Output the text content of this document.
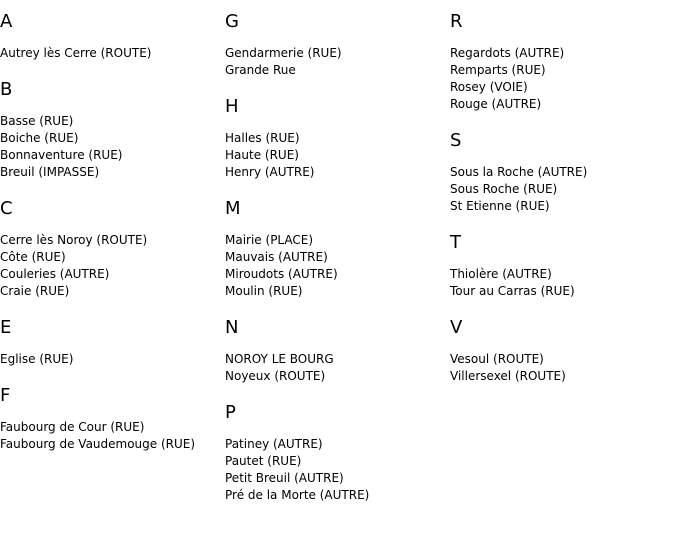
A
Autrey lès Cerre (ROUTE)
B
Basse (RUE)
Boiche (RUE)
Bonnaventure (RUE)
Breuil (IMPASSE)
C
Cerre lès Noroy (ROUTE)
Côte (RUE)
Couleries (AUTRE)
Craie (RUE)
E
Eglise (RUE)
F
Faubourg de Cour (RUE)
Faubourg de Vaudemouge (RUE)
G
Gendarmerie (RUE)
Grande Rue
H
Halles (RUE)
Haute (RUE)
Henry (AUTRE)
M
Mairie (PLACE)
Mauvais (AUTRE)
Miroudots (AUTRE)
Moulin (RUE)
N
NOROY LE BOURG
Noyeux (ROUTE)
P
Patiney (AUTRE)
Pautet (RUE)
Petit Breuil (AUTRE)
Pré de la Morte (AUTRE)
R
Regardots (AUTRE)
Remparts (RUE)
Rosey (VOIE)
Rouge (AUTRE)
S
Sous la Roche (AUTRE)
Sous Roche (RUE)
St Etienne (RUE)
T
Thiolère (AUTRE)
Tour au Carras (RUE)
V
Vesoul (ROUTE)
Villersexel (ROUTE)
